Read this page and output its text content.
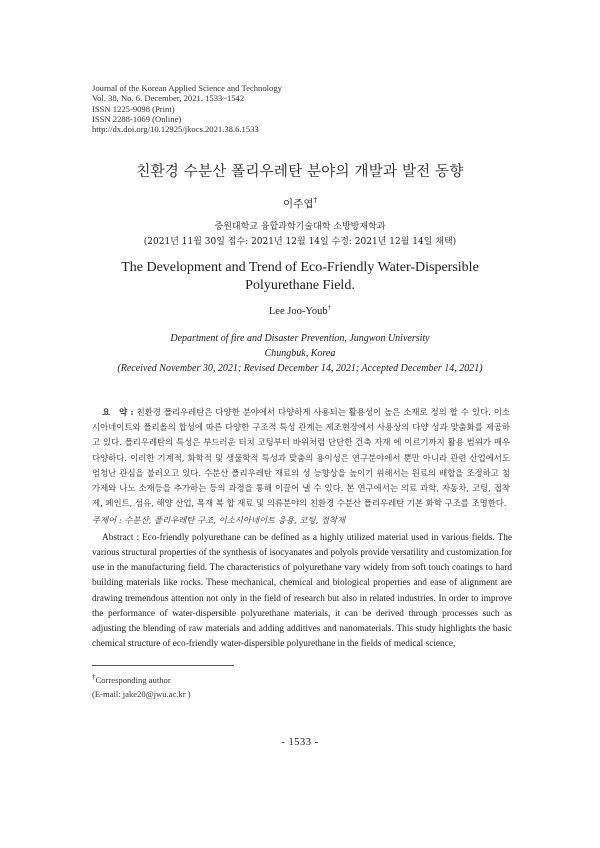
Journal of the Korean Applied Science and Technology
Vol. 38, No. 6. December, 2021. 1533~1542
ISSN 1225-9098 (Print)
ISSN 2288-1069 (Online)
http://dx.doi.org/10.12925/jkocs.2021.38.6.1533
친환경 수분산 폴리우레탄 분야의 개발과 발전 동향
이주엽†
중원대학교 융합과학기술대학 소방방재학과
(2021년 11월 30일 접수: 2021년 12월 14일 수정: 2021년 12월 14일 채택)
The Development and Trend of Eco-Friendly Water-Dispersible
Polyurethane Field.
Lee Joo-Youb†
Department of fire and Disaster Prevention, Jungwon University
Chungbuk, Korea
(Received November 30, 2021; Revised December 14, 2021; Accepted December 14, 2021)
요　약 : 친환경 폴리우레탄은 다양한 분야에서 다양하게 사용되는 활용성이 높은 소재로 정의 할 수 있다. 이소시아네이트와 폴리올의 합성에 따른 다양한 구조적 특성 관계는 제조현장에서 사용상의 다양 성과 맞춤화를 제공하고 있다. 폴리우레탄의 특성은 부드러운 터치 코팅부터 바위처럼 단단한 건축 자재 에 이르기까지 활용 범위가 매우 다양하다. 이러한 기계적, 화학적 및 생물학적 특성과 맞춤의 용이성은 연구분야에서 뿐만 아니라 관련 산업에서도 엄청난 관심을 불러오고 있다. 수분산 폴리우레탄 재료의 성 능향상을 높이기 위해서는 원료의 배합을 조정하고 첨가제와 나노 소재등을 추가하는 등의 과정을 통해 이끌어 낼 수 있다. 본 연구에서는 의료 과학, 자동차, 코팅, 접착제, 페인트, 섬유, 해양 산업, 목재 복 합 재료 및 의류분야의 친환경 수분산 폴리우레탄 기본 화학 구조를 조명한다.
주제어 : 수분산, 폴리우레탄 구조, 이소시아네이트 응용, 코팅, 접착제
Abstract : Eco-friendly polyurethane can be defined as a highly utilized material used in various fields. The various structural properties of the synthesis of isocyanates and polyols provide versatility and customization for use in the manufacturing field. The characteristics of polyurethane vary widely from soft touch coatings to hard building materials like rocks. These mechanical, chemical and biological properties and ease of alignment are drawing tremendous attention not only in the field of research but also in related industries. In order to improve the performance of water-dispersible polyurethane materials, it can be derived through processes such as adjusting the blending of raw materials and adding additives and nanomaterials. This study highlights the basic chemical structure of eco-friendly water-dispersible polyurethane in the fields of medical science,
†Corresponding author
(E-mail: jake20@jwu.ac.kr )
- 1533 -
